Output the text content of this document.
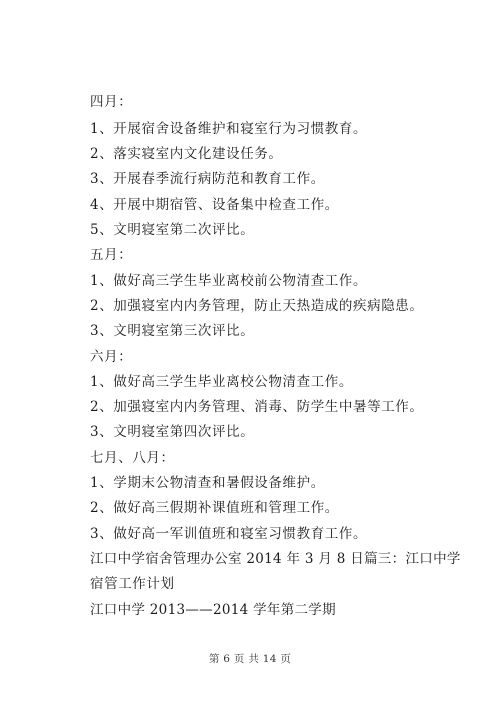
四月：
1、开展宿舍设备维护和寝室行为习惯教育。
2、落实寝室内文化建设任务。
3、开展春季流行病防范和教育工作。
4、开展中期宿管、设备集中检查工作。
5、文明寝室第二次评比。
五月：
1、做好高三学生毕业离校前公物清查工作。
2、加强寝室内内务管理，防止天热造成的疾病隐患。
3、文明寝室第三次评比。
六月：
1、做好高三学生毕业离校公物清查工作。
2、加强寝室内内务管理、消毒、防学生中暑等工作。
3、文明寝室第四次评比。
七月、八月：
1、学期末公物清查和暑假设备维护。
2、做好高三假期补课值班和管理工作。
3、做好高一军训值班和寝室习惯教育工作。
江口中学宿舍管理办公室 2014 年 3 月 8 日篇三：江口中学
宿管工作计划
江口中学 2013——2014 学年第二学期
第 6 页 共 14 页
